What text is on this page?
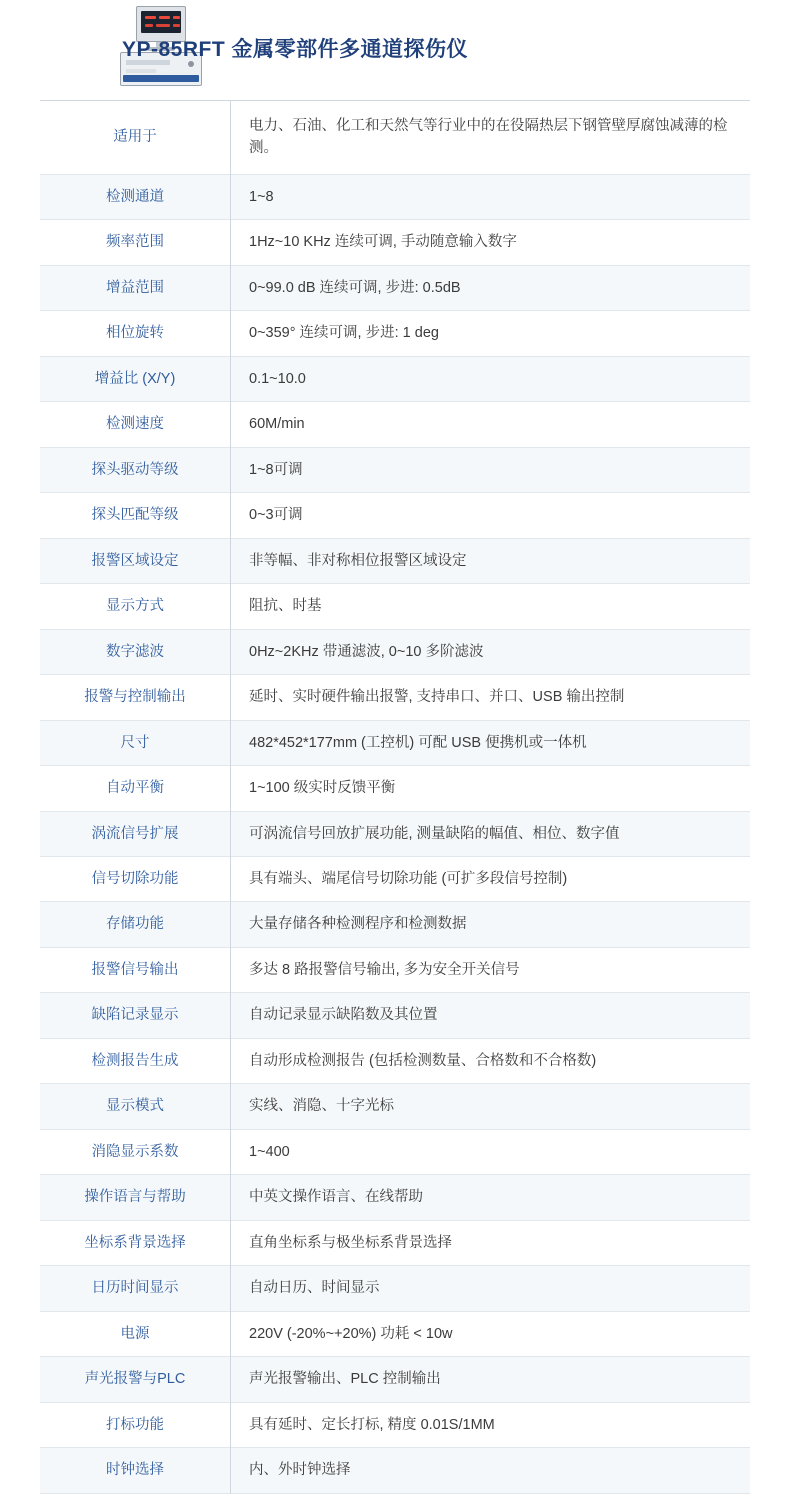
YP-85RFT 金属零部件多通道探伤仪
适用于	电力、石油、化工和天然气等行业中的在役隔热层下钢管壁厚腐蚀减薄的检测。
检测通道	1~8
频率范围	1Hz~10 KHz 连续可调, 手动随意输入数字
增益范围	0~99.0 dB 连续可调, 步进: 0.5dB
相位旋转	0~359° 连续可调, 步进: 1 deg
增益比 (X/Y)	0.1~10.0
检测速度	60M/min
探头驱动等级	1~8可调
探头匹配等级	0~3可调
报警区域设定	非等幅、非对称相位报警区域设定
显示方式	阻抗、时基
数字滤波	0Hz~2KHz 带通滤波, 0~10 多阶滤波
报警与控制输出	延时、实时硬件输出报警, 支持串口、并口、USB 输出控制
尺寸	482*452*177mm (工控机) 可配 USB 便携机或一体机
自动平衡	1~100 级实时反馈平衡
涡流信号扩展	可涡流信号回放扩展功能, 测量缺陷的幅值、相位、数字值
信号切除功能	具有端头、端尾信号切除功能 (可扩多段信号控制)
存储功能	大量存储各种检测程序和检测数据
报警信号输出	多达 8 路报警信号输出, 多为安全开关信号
缺陷记录显示	自动记录显示缺陷数及其位置
检测报告生成	自动形成检测报告 (包括检测数量、合格数和不合格数)
显示模式	实线、消隐、十字光标
消隐显示系数	1~400
操作语言与帮助	中英文操作语言、在线帮助
坐标系背景选择	直角坐标系与极坐标系背景选择
日历时间显示	自动日历、时间显示
电源	220V (-20%~+20%) 功耗 < 10w
声光报警与PLC	声光报警输出、PLC 控制输出
打标功能	具有延时、定长打标, 精度 0.01S/1MM
时钟选择	内、外时钟选择
